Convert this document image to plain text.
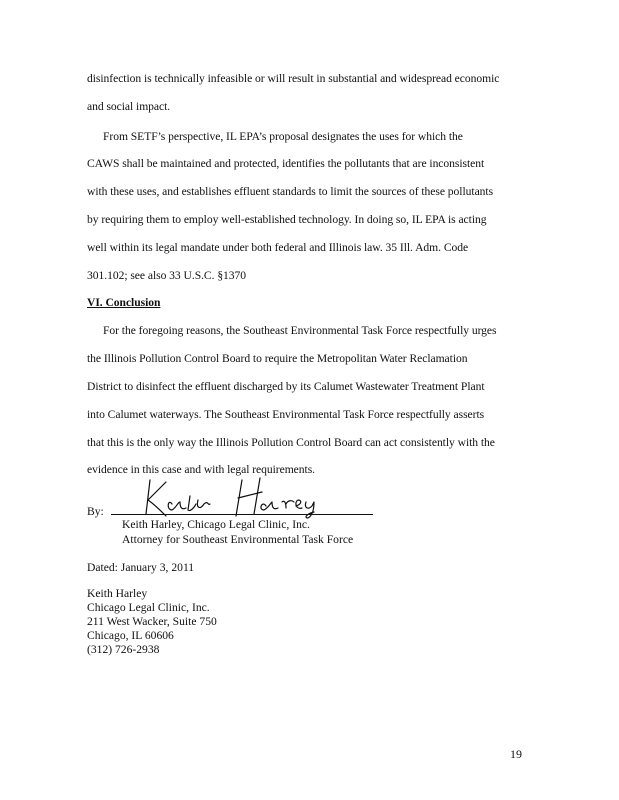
disinfection is technically infeasible or will result in substantial and widespread economic
and social impact.
From SETF’s perspective, IL EPA’s proposal designates the uses for which the
CAWS shall be maintained and protected, identifies the pollutants that are inconsistent
with these uses, and establishes effluent standards to limit the sources of these pollutants
by requiring them to employ well-established technology. In doing so, IL EPA is acting
well within its legal mandate under both federal and Illinois law. 35 Ill. Adm. Code
301.102; see also 33 U.S.C. §1370
VI. Conclusion
For the foregoing reasons, the Southeast Environmental Task Force respectfully urges
the Illinois Pollution Control Board to require the Metropolitan Water Reclamation
District to disinfect the effluent discharged by its Calumet Wastewater Treatment Plant
into Calumet waterways. The Southeast Environmental Task Force respectfully asserts
that this is the only way the Illinois Pollution Control Board can act consistently with the
evidence in this case and with legal requirements.
By:
Keith Harley, Chicago Legal Clinic, Inc.
Attorney for Southeast Environmental Task Force
Dated: January 3, 2011
Keith Harley
Chicago Legal Clinic, Inc.
211 West Wacker, Suite 750
Chicago, IL 60606
(312) 726-2938
19
